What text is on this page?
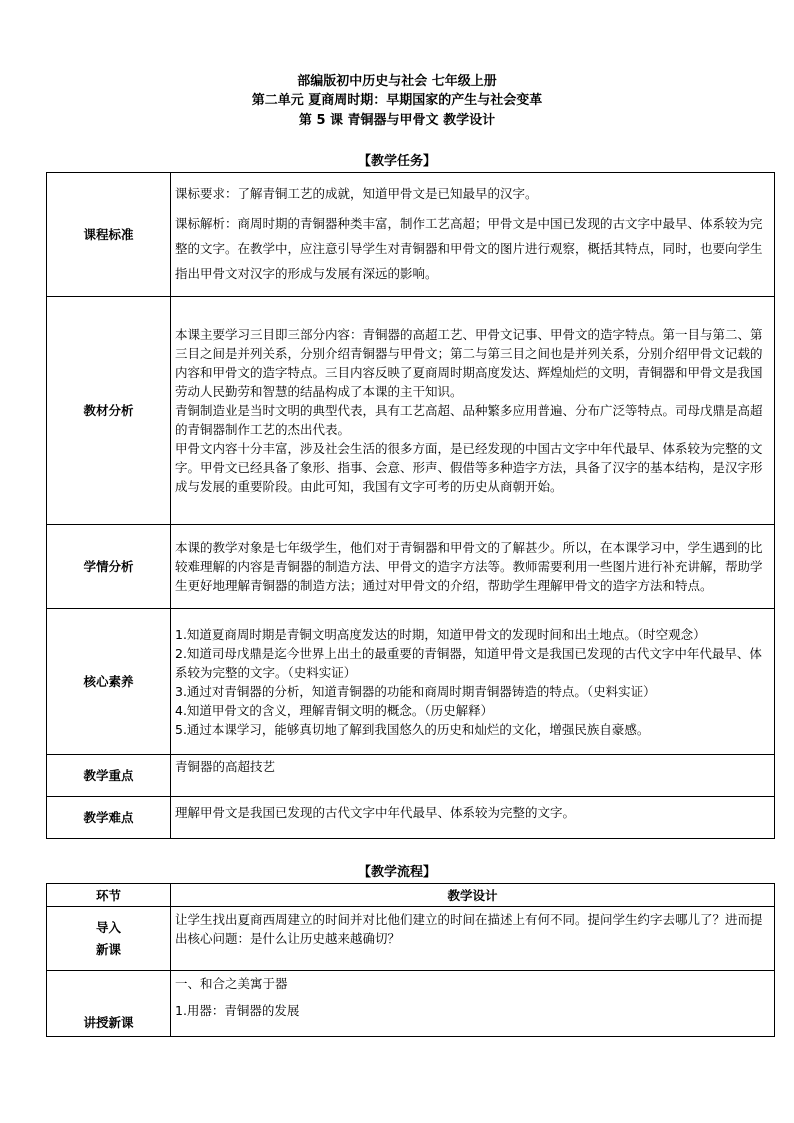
部编版初中历史与社会 七年级上册
第二单元 夏商周时期：早期国家的产生与社会变革
第 5 课 青铜器与甲骨文 教学设计
【教学任务】
课程标准	课标要求：了解青铜工艺的成就，知道甲骨文是已知最早的汉字。

课标解析：商周时期的青铜器种类丰富，制作工艺高超；甲骨文是中国已发现的古文字中最早、体系较为完整的文字。在教学中，应注意引导学生对青铜器和甲骨文的图片进行观察，概括其特点，同时，也要向学生指出甲骨文对汉字的形成与发展有深远的影响。

教材分析	本课主要学习三目即三部分内容：青铜器的高超工艺、甲骨文记事、甲骨文的造字特点。第一目与第二、第三目之间是并列关系，分别介绍青铜器与甲骨文；第二与第三目之间也是并列关系，分别介绍甲骨文记载的内容和甲骨文的造字特点。三目内容反映了夏商周时期高度发达、辉煌灿烂的文明，青铜器和甲骨文是我国劳动人民勤劳和智慧的结晶构成了本课的主干知识。

青铜制造业是当时文明的典型代表，具有工艺高超、品种繁多应用普遍、分布广泛等特点。司母戊鼎是高超的青铜器制作工艺的杰出代表。

甲骨文内容十分丰富，涉及社会生活的很多方面，是已经发现的中国古文字中年代最早、体系较为完整的文字。甲骨文已经具备了象形、指事、会意、形声、假借等多种造字方法，具备了汉字的基本结构，是汉字形成与发展的重要阶段。由此可知，我国有文字可考的历史从商朝开始。

学情分析	本课的教学对象是七年级学生，他们对于青铜器和甲骨文的了解甚少。所以，在本课学习中，学生遇到的比较难理解的内容是青铜器的制造方法、甲骨文的造字方法等。教师需要利用一些图片进行补充讲解，帮助学生更好地理解青铜器的制造方法；通过对甲骨文的介绍，帮助学生理解甲骨文的造字方法和特点。

核心素养	1.知道夏商周时期是青铜文明高度发达的时期，知道甲骨文的发现时间和出土地点。（时空观念）

2.知道司母戊鼎是迄今世界上出土的最重要的青铜器，知道甲骨文是我国已发现的古代文字中年代最早、体系较为完整的文字。（史料实证）

3.通过对青铜器的分析，知道青铜器的功能和商周时期青铜器铸造的特点。（史料实证）

4.知道甲骨文的含义，理解青铜文明的概念。（历史解释）

5.通过本课学习，能够真切地了解到我国悠久的历史和灿烂的文化，增强民族自豪感。

教学重点	青铜器的高超技艺

教学难点	理解甲骨文是我国已发现的古代文字中年代最早、体系较为完整的文字。

【教学流程】
环节	教学设计

导入
新课	让学生找出夏商西周建立的时间并对比他们建立的时间在描述上有何不同。提问学生约字去哪儿了？进而提出核心问题：是什么让历史越来越确切？

讲授新课	一、和合之美寓于器

1.用器：青铜器的发展
